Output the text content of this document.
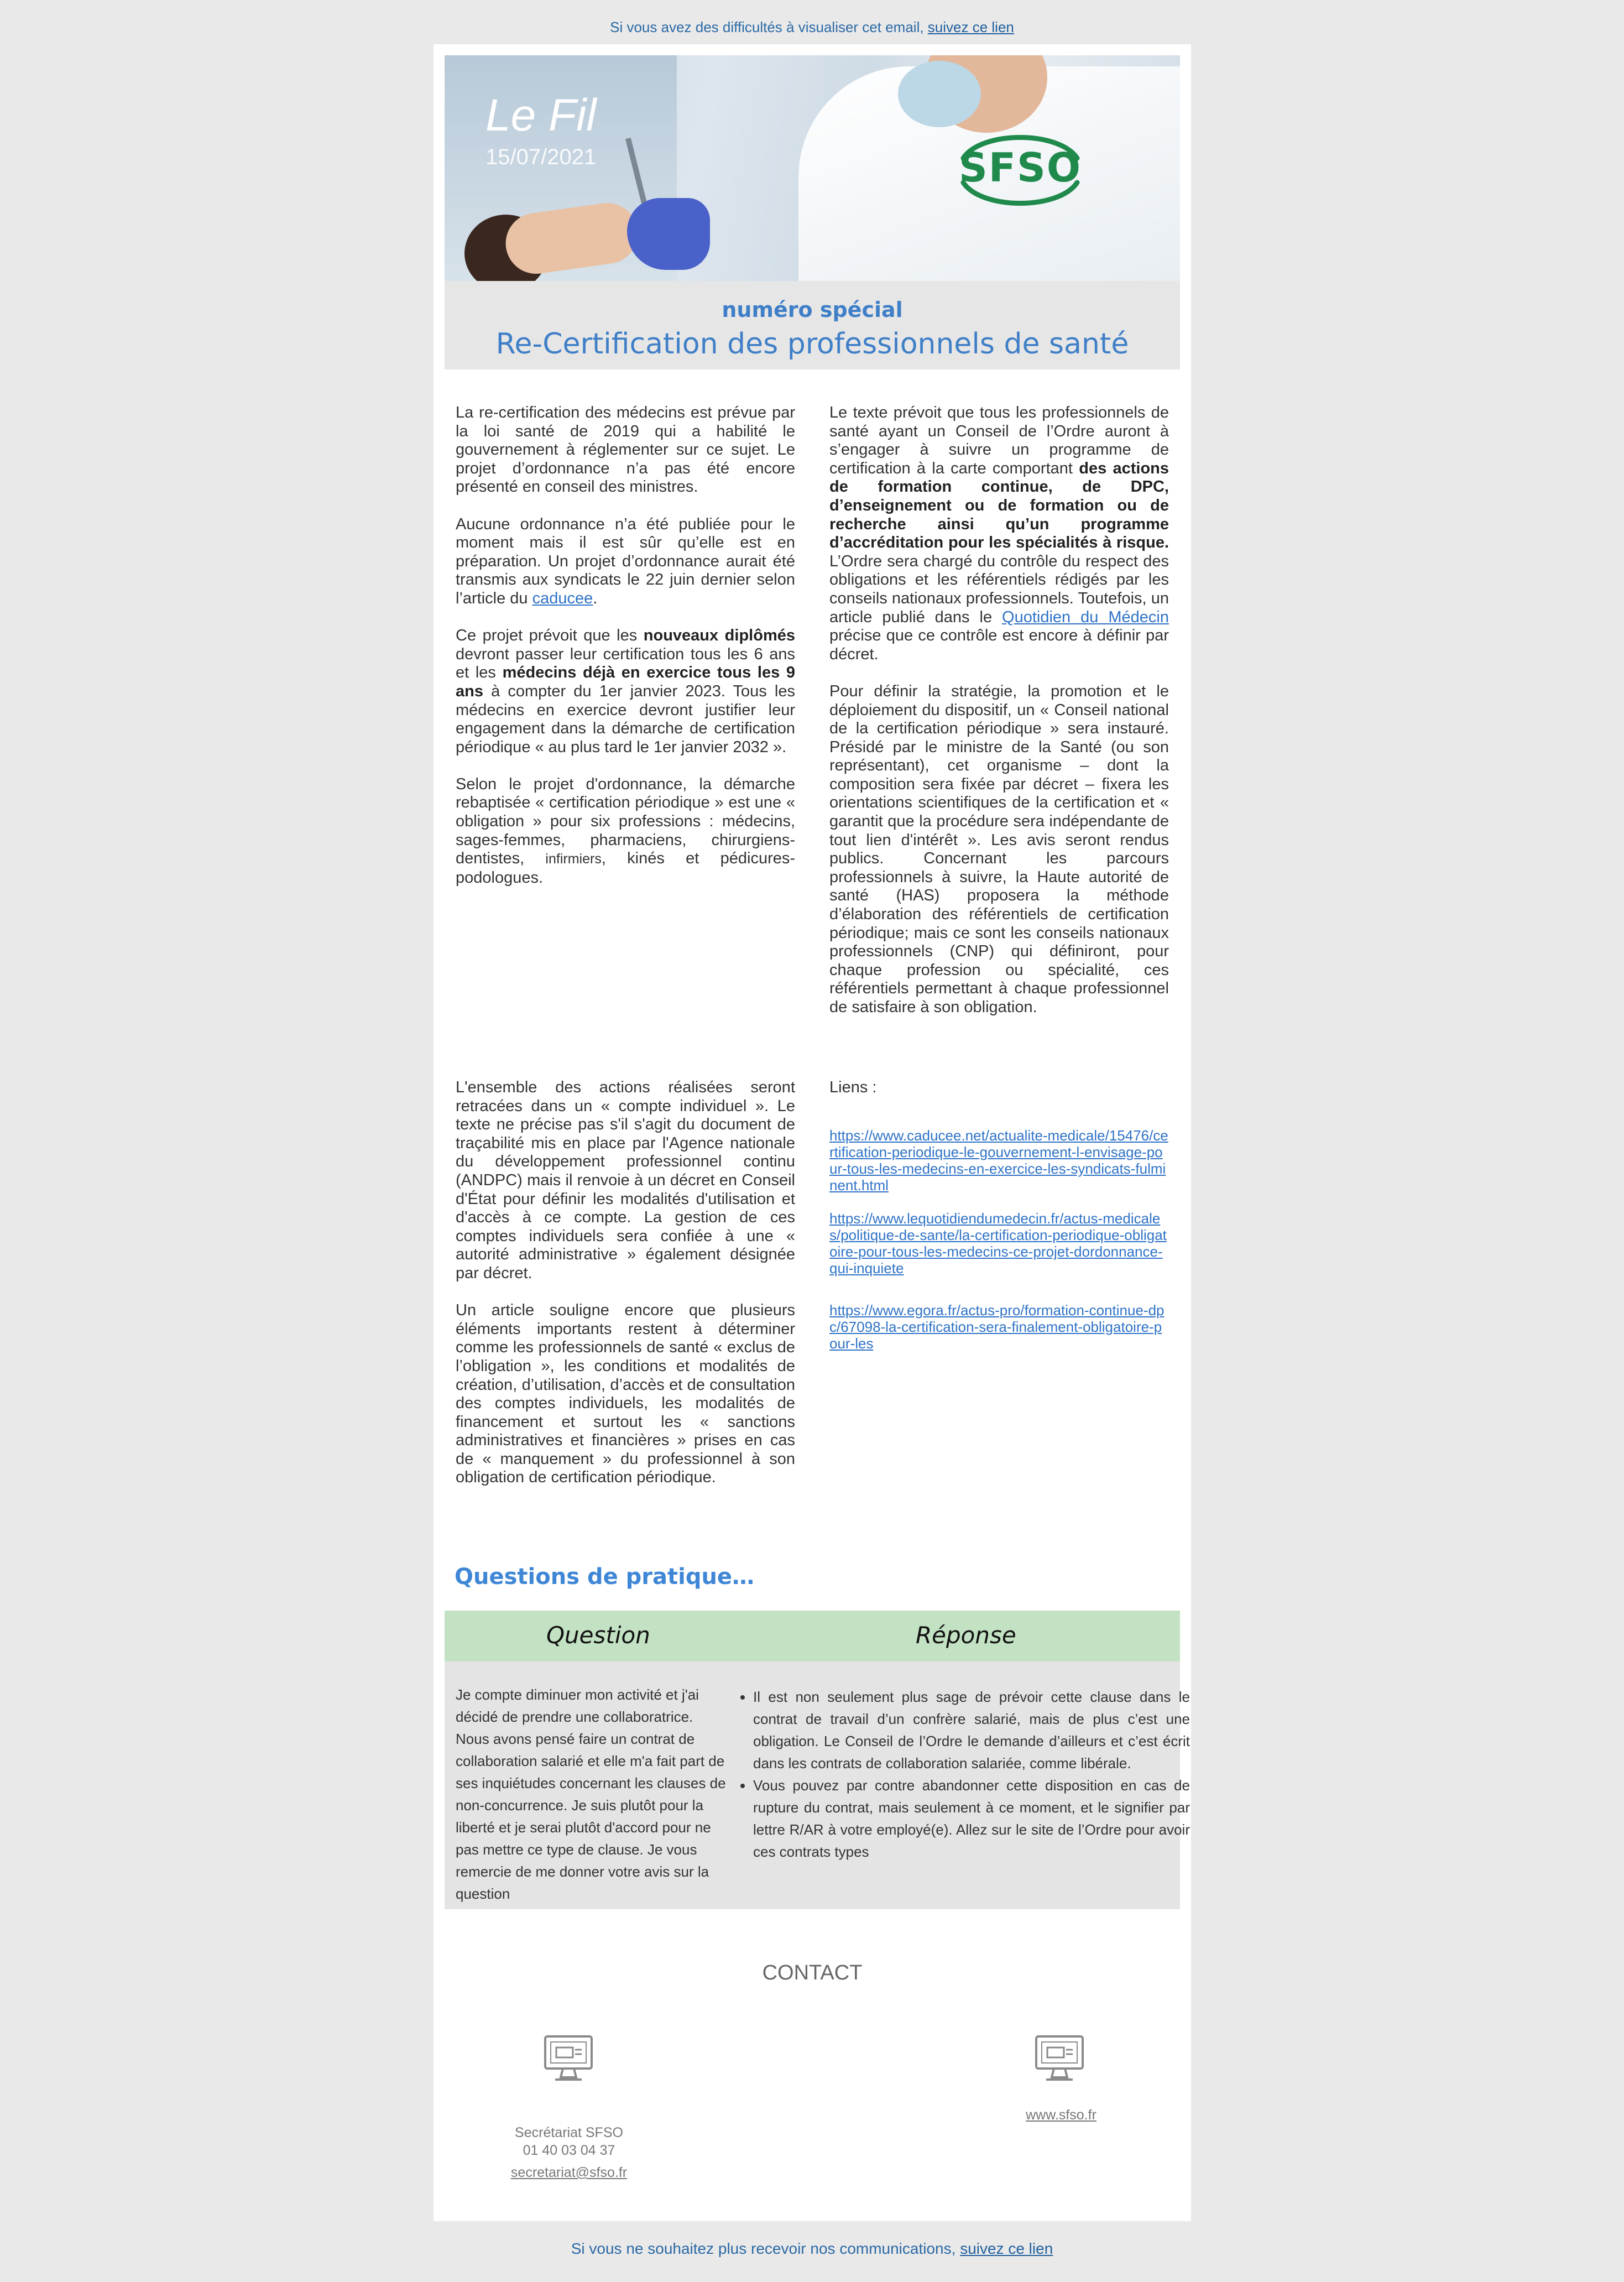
Si vous avez des difficultés à visualiser cet email, suivez ce lien
Le Fil
15/07/2021	SFSO
numéro spécial
Re-Certification des professionnels de santé

La re-certification des médecins est prévue par la loi santé de 2019 qui a habilité le gouvernement à réglementer sur ce sujet. Le projet d’ordonnance n’a pas été encore présenté en conseil des ministres.

Aucune ordonnance n’a été publiée pour le moment mais il est sûr qu’elle est en préparation. Un projet d’ordonnance aurait été transmis aux syndicats le 22 juin dernier selon l’article du caducee.

Ce projet prévoit que les nouveaux diplômés devront passer leur certification tous les 6 ans et les médecins déjà en exercice tous les 9 ans à compter du 1er janvier 2023. Tous les médecins en exercice devront justifier leur engagement dans la démarche de certification périodique « au plus tard le 1er janvier 2032 ».

Selon le projet d'ordonnance, la démarche rebaptisée « certification périodique » est une « obligation » pour six professions : médecins, sages-femmes, pharmaciens, chirurgiens-dentistes, infirmiers, kinés et pédicures-podologues.

Le texte prévoit que tous les professionnels de santé ayant un Conseil de l’Ordre auront à s’engager à suivre un programme de certification à la carte comportant des actions de formation continue, de DPC, d’enseignement ou de formation ou de recherche ainsi qu’un programme d’accréditation pour les spécialités à risque. L’Ordre sera chargé du contrôle du respect des obligations et les référentiels rédigés par les conseils nationaux professionnels. Toutefois, un article publié dans le Quotidien du Médecin précise que ce contrôle est encore à définir par décret.

Pour définir la stratégie, la promotion et le déploiement du dispositif, un « Conseil national de la certification périodique » sera instauré. Présidé par le ministre de la Santé (ou son représentant), cet organisme – dont la composition sera fixée par décret – fixera les orientations scientifiques de la certification et « garantit que la procédure sera indépendante de tout lien d'intérêt ». Les avis seront rendus publics. Concernant les parcours professionnels à suivre, la Haute autorité de santé (HAS) proposera la méthode d’élaboration des référentiels de certification périodique; mais ce sont les conseils nationaux professionnels (CNP) qui définiront, pour chaque profession ou spécialité, ces référentiels permettant à chaque professionnel de satisfaire à son obligation.

L'ensemble des actions réalisées seront retracées dans un « compte individuel ». Le texte ne précise pas s'il s'agit du document de traçabilité mis en place par l'Agence nationale du développement professionnel continu (ANDPC) mais il renvoie à un décret en Conseil d'État pour définir les modalités d'utilisation et d'accès à ce compte. La gestion de ces comptes individuels sera confiée à une « autorité administrative » également désignée par décret.

Un article souligne encore que plusieurs éléments importants restent à déterminer comme les professionnels de santé « exclus de l’obligation », les conditions et modalités de création, d’utilisation, d’accès et de consultation des comptes individuels, les modalités de financement et surtout les « sanctions administratives et financières » prises en cas de « manquement » du professionnel à son obligation de certification périodique.

Liens :

https://www.caducee.net/actualite-medicale/15476/certification-periodique-le-gouvernement-l-envisage-pour-tous-les-medecins-en-exercice-les-syndicats-fulminent.html

https://www.lequotidiendumedecin.fr/actus-medicales/politique-de-sante/la-certification-periodique-obligatoire-pour-tous-les-medecins-ce-projet-dordonnance-qui-inquiete

https://www.egora.fr/actus-pro/formation-continue-dpc/67098-la-certification-sera-finalement-obligatoire-pour-les

Questions de pratique…
Question	Réponse
Je compte diminuer mon activité et j'ai décidé de prendre une collaboratrice. Nous avons pensé faire un contrat de collaboration salarié et elle m'a fait part de ses inquiétudes concernant les clauses de non-concurrence. Je suis plutôt pour la liberté et je serai plutôt d'accord pour ne pas mettre ce type de clause. Je vous remercie de me donner votre avis sur la question
• Il est non seulement plus sage de prévoir cette clause dans le contrat de travail d’un confrère salarié, mais de plus c’est une obligation. Le Conseil de l’Ordre le demande d’ailleurs et c’est écrit dans les contrats de collaboration salariée, comme libérale.
• Vous pouvez par contre abandonner cette disposition en cas de rupture du contrat, mais seulement à ce moment, et le signifier par lettre R/AR à votre employé(e). Allez sur le site de l’Ordre pour avoir ces contrats types
CONTACT
Secrétariat SFSO
01 40 03 04 37
secretariat@sfso.fr
www.sfso.fr
Si vous ne souhaitez plus recevoir nos communications, suivez ce lien
